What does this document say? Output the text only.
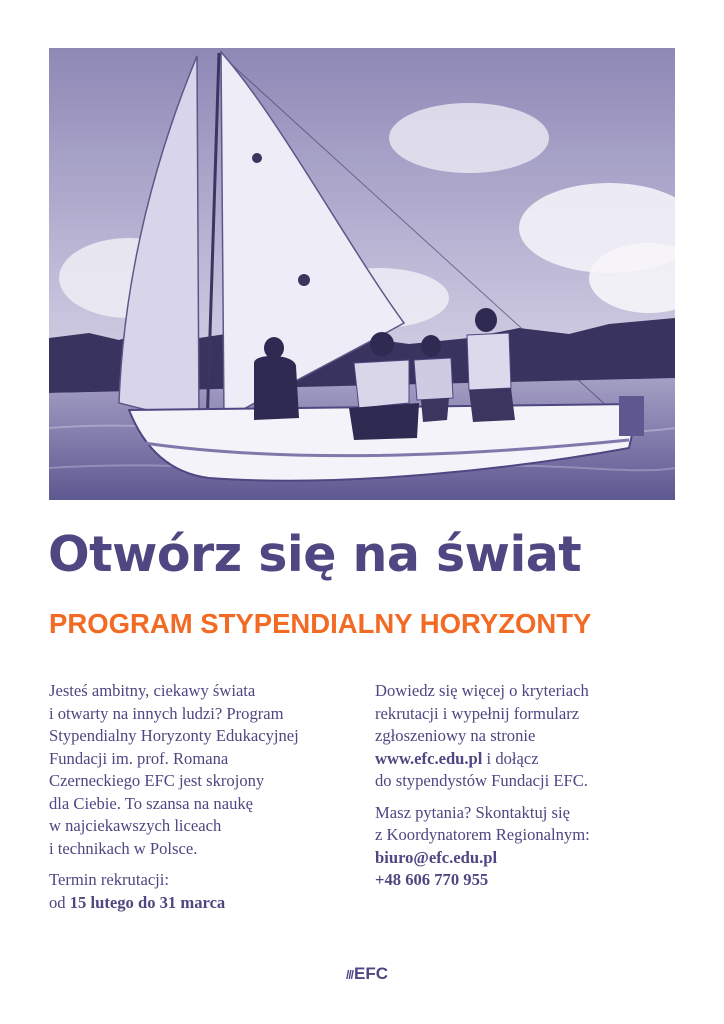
Otwórz się na świat
PROGRAM STYPENDIALNY HORYZONTY

Jesteś ambitny, ciekawy świata
i otwarty na innych ludzi? Program
Stypendialny Horyzonty Edukacyjnej
Fundacji im. prof. Romana
Czerneckiego EFC jest skrojony
dla Ciebie. To szansa na naukę
w najciekawszych liceach
i technikach w Polsce.

Termin rekrutacji:
od 15 lutego do 31 marca

Dowiedz się więcej o kryteriach
rekrutacji i wypełnij formularz
zgłoszeniowy na stronie
www.efc.edu.pl i dołącz
do stypendystów Fundacji EFC.

Masz pytania? Skontaktuj się
z Koordynatorem Regionalnym:
biuro@efc.edu.pl
+48 606 770 955

///EFC
